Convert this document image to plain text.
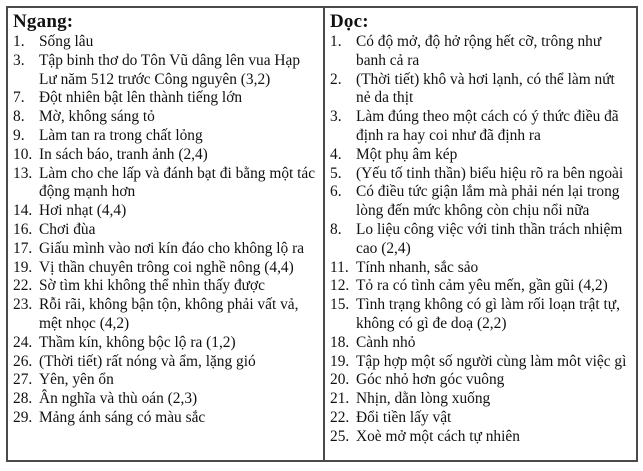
Ngang:
1. Sống lâu
3. Tập binh thơ do Tôn Vũ dâng lên vua Hạp Lư năm 512 trước Công nguyên (3,2)
7. Đột nhiên bật lên thành tiếng lớn
8. Mờ, không sáng tỏ
9. Làm tan ra trong chất lỏng
10. In sách báo, tranh ảnh (2,4)
13. Làm cho che lấp và đánh bạt đi bằng một tác động mạnh hơn
14. Hơi nhạt (4,4)
16. Chơi đùa
17. Giấu mình vào nơi kín đáo cho không lộ ra
19. Vị thần chuyên trông coi nghề nông (4,4)
22. Sờ tìm khi không thể nhìn thấy được
23. Rỗi rãi, không bận tộn, không phải vất vả, mệt nhọc (4,2)
24. Thầm kín, không bộc lộ ra (1,2)
26. (Thời tiết) rất nóng và ẩm, lặng gió
27. Yên, yên ổn
28. Ân nghĩa và thù oán (2,3)
29. Mảng ánh sáng có màu sắc
Dọc:
1. Có độ mở, độ hở rộng hết cỡ, trông như banh cả ra
2. (Thời tiết) khô và hơi lạnh, có thể làm nứt nẻ da thịt
3. Làm đúng theo một cách có ý thức điều đã định ra hay coi như đã định ra
4. Một phụ âm kép
5. (Yếu tố tinh thần) biểu hiệu rõ ra bên ngoài
6. Có điều tức giận lắm mà phải nén lại trong lòng đến mức không còn chịu nổi nữa
8. Lo liệu công việc với tinh thần trách nhiệm cao (2,4)
11. Tính nhanh, sắc sảo
12. Tỏ ra có tình cảm yêu mến, gần gũi (4,2)
15. Tình trạng không có gì làm rối loạn trật tự, không có gì đe doạ (2,2)
18. Cành nhỏ
19. Tập hợp một số người cùng làm môt việc gì
20. Góc nhỏ hơn góc vuông
21. Nhịn, dằn lòng xuống
22. Đổi tiền lấy vật
25. Xoè mở một cách tự nhiên
